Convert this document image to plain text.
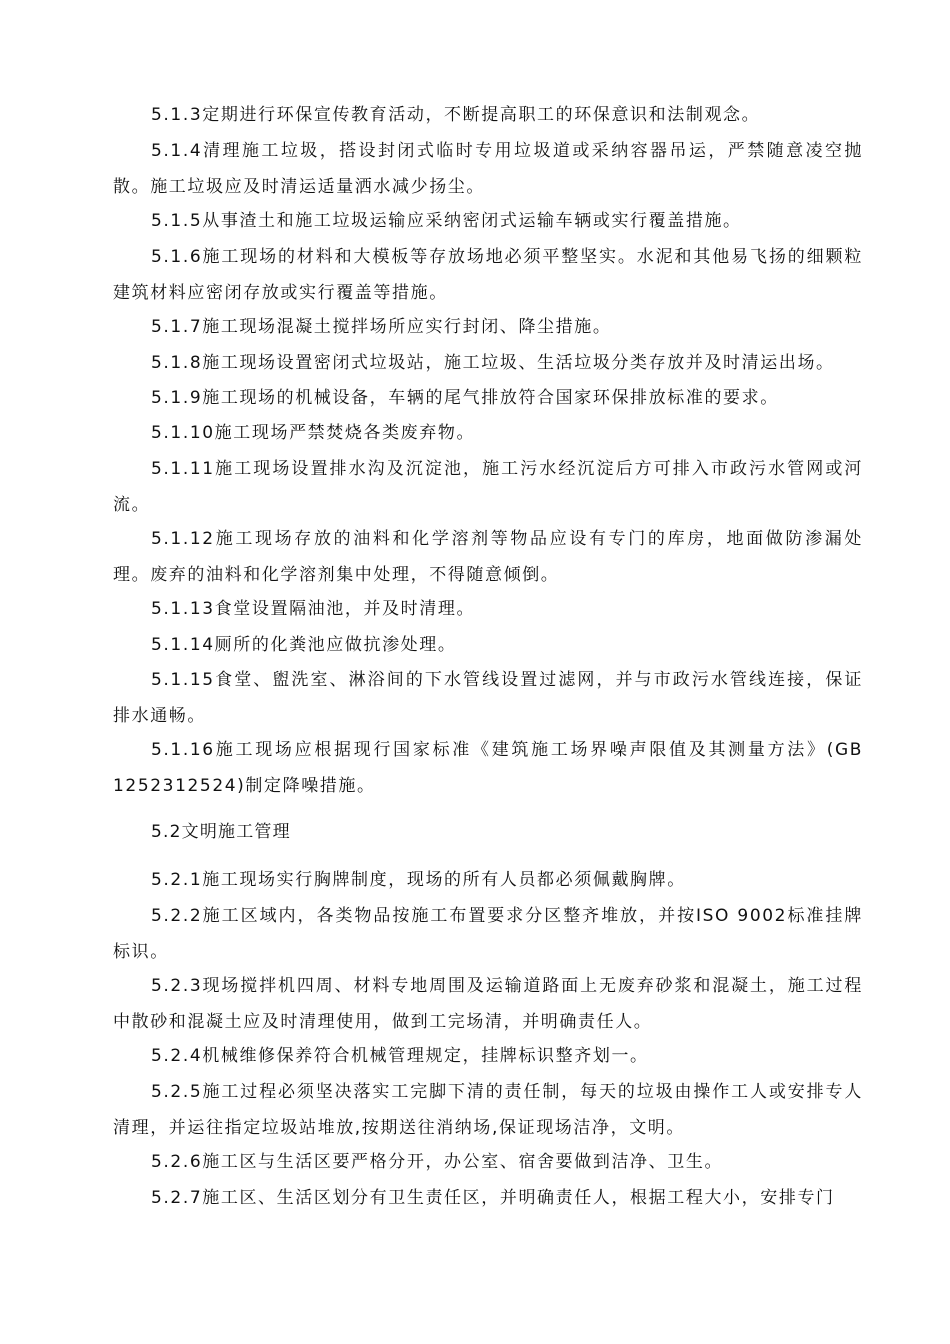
5.1.3定期进行环保宣传教育活动，不断提高职工的环保意识和法制观念。

5.1.4清理施工垃圾，搭设封闭式临时专用垃圾道或采纳容器吊运，严禁随意凌空抛散。施工垃圾应及时清运适量洒水减少扬尘。

5.1.5从事渣土和施工垃圾运输应采纳密闭式运输车辆或实行覆盖措施。

5.1.6施工现场的材料和大模板等存放场地必须平整坚实。水泥和其他易飞扬的细颗粒建筑材料应密闭存放或实行覆盖等措施。

5.1.7施工现场混凝土搅拌场所应实行封闭、降尘措施。

5.1.8施工现场设置密闭式垃圾站，施工垃圾、生活垃圾分类存放并及时清运出场。

5.1.9施工现场的机械设备，车辆的尾气排放符合国家环保排放标准的要求。

5.1.10施工现场严禁焚烧各类废弃物。

5.1.11施工现场设置排水沟及沉淀池，施工污水经沉淀后方可排入市政污水管网或河流。

5.1.12施工现场存放的油料和化学溶剂等物品应设有专门的库房，地面做防渗漏处理。废弃的油料和化学溶剂集中处理，不得随意倾倒。

5.1.13食堂设置隔油池，并及时清理。

5.1.14厕所的化粪池应做抗渗处理。

5.1.15食堂、盥洗室、淋浴间的下水管线设置过滤网，并与市政污水管线连接，保证排水通畅。

5.1.16施工现场应根据现行国家标准《建筑施工场界噪声限值及其测量方法》(GB 1252312524)制定降噪措施。

5.2文明施工管理

5.2.1施工现场实行胸牌制度，现场的所有人员都必须佩戴胸牌。

5.2.2施工区域内，各类物品按施工布置要求分区整齐堆放，并按ISO 9002标准挂牌标识。

5.2.3现场搅拌机四周、材料专地周围及运输道路面上无废弃砂浆和混凝土，施工过程中散砂和混凝土应及时清理使用，做到工完场清，并明确责任人。

5.2.4机械维修保养符合机械管理规定，挂牌标识整齐划一。

5.2.5施工过程必须坚决落实工完脚下清的责任制，每天的垃圾由操作工人或安排专人清理，并运往指定垃圾站堆放,按期送往消纳场,保证现场洁净，文明。

5.2.6施工区与生活区要严格分开，办公室、宿舍要做到洁净、卫生。

5.2.7施工区、生活区划分有卫生责任区，并明确责任人，根据工程大小，安排专门
